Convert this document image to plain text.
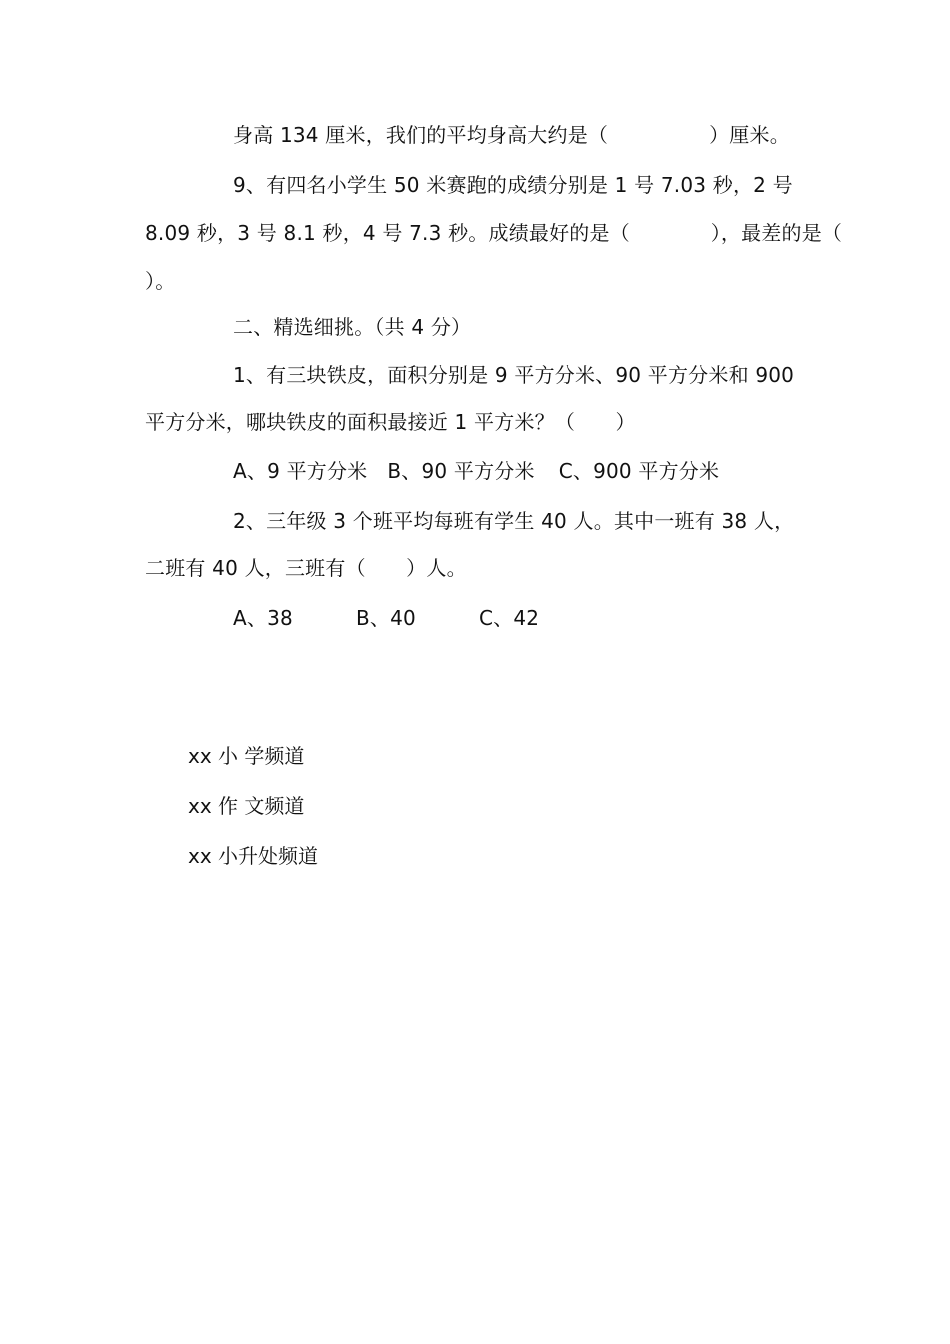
身高 134 厘米，我们的平均身高大约是（　　　　　）厘米。
9、有四名小学生 50 米赛跑的成绩分别是 1 号 7.03 秒，2 号
8.09 秒，3 号 8.1 秒，4 号 7.3 秒。成绩最好的是（　　　　），最差的是（
）。
二、精选细挑。（共 4 分）
1、有三块铁皮，面积分别是 9 平方分米、90 平方分米和 900
平方分米，哪块铁皮的面积最接近 1 平方米？（　　）
A、9 平方分米 B、90 平方分米 C、900 平方分米
2、三年级 3 个班平均每班有学生 40 人。其中一班有 38 人，
二班有 40 人，三班有（　　）人。
A、38	B、40	C、42
xx 小 学频道
xx 作 文频道
xx 小升处频道
